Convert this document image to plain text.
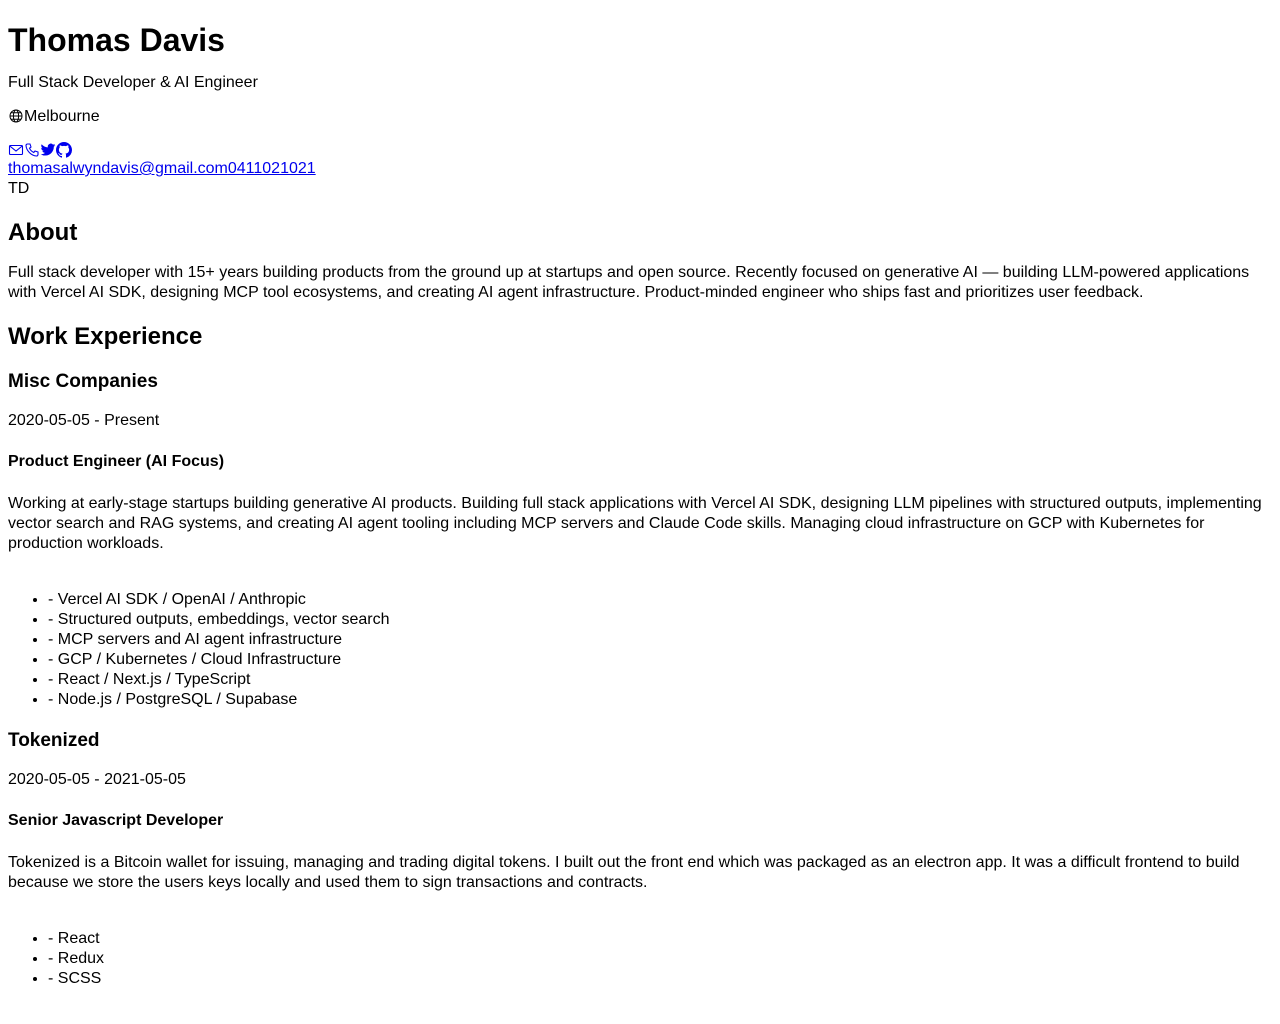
Thomas Davis

Full Stack Developer & AI Engineer

Melbourne

thomasalwyndavis@gmail.com0411021021
TD
About

Full stack developer with 15+ years building products from the ground up at startups and open source. Recently focused on generative AI — building LLM-powered applications with Vercel AI SDK, designing MCP tool ecosystems, and creating AI agent infrastructure. Product-minded engineer who ships fast and prioritizes user feedback.

Work Experience
Misc Companies

2020-05-05 - Present

Product Engineer (AI Focus)

Working at early-stage startups building generative AI products. Building full stack applications with Vercel AI SDK, designing LLM pipelines with structured outputs, implementing vector search and RAG systems, and creating AI agent tooling including MCP servers and Claude Code skills. Managing cloud infrastructure on GCP with Kubernetes for production workloads.

• - Vercel AI SDK / OpenAI / Anthropic
• - Structured outputs, embeddings, vector search
• - MCP servers and AI agent infrastructure
• - GCP / Kubernetes / Cloud Infrastructure
• - React / Next.js / TypeScript
• - Node.js / PostgreSQL / Supabase
Tokenized

2020-05-05 - 2021-05-05

Senior Javascript Developer

Tokenized is a Bitcoin wallet for issuing, managing and trading digital tokens. I built out the front end which was packaged as an electron app. It was a difficult frontend to build because we store the users keys locally and used them to sign transactions and contracts.

• - React
• - Redux
• - SCSS
